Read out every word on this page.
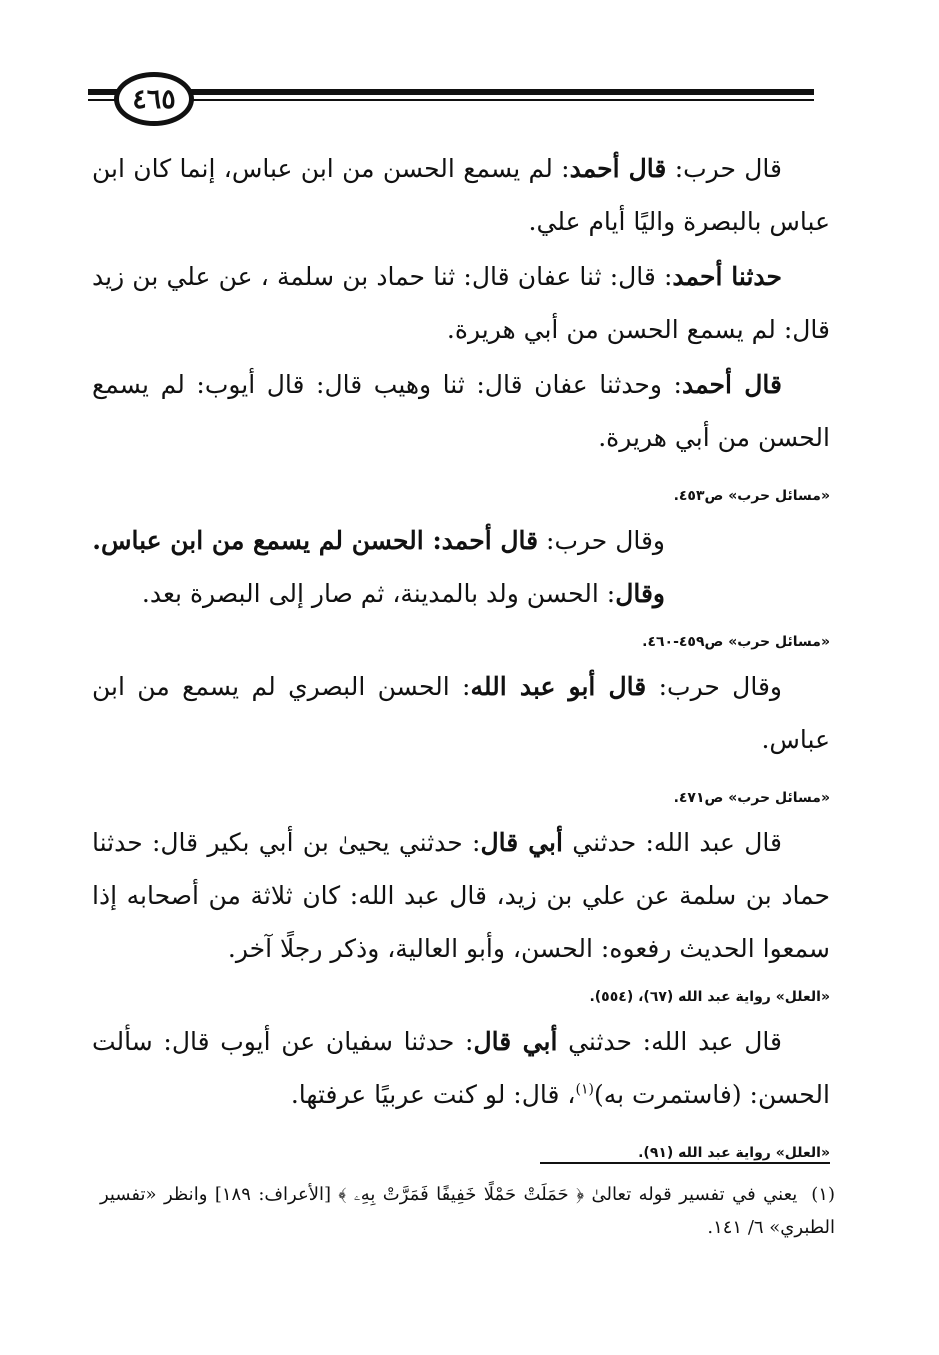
٤٦٥

قال حرب: قال أحمد: لم يسمع الحسن من ابن عباس، إنما كان ابن عباس بالبصرة واليًا أيام علي.

حدثنا أحمد: قال: ثنا عفان قال: ثنا حماد بن سلمة ، عن علي بن زيد قال: لم يسمع الحسن من أبي هريرة.

قال أحمد: وحدثنا عفان قال: ثنا وهيب قال: قال أيوب: لم يسمع الحسن من أبي هريرة.

«مسائل حرب» ص٤٥٣.

وقال حرب: قال أحمد: الحسن لم يسمع من ابن عباس.

وقال: الحسن ولد بالمدينة، ثم صار إلى البصرة بعد.

«مسائل حرب» ص٤٥٩-٤٦٠.

وقال حرب: قال أبو عبد الله: الحسن البصري لم يسمع من ابن عباس.

«مسائل حرب» ص٤٧١.

قال عبد الله: حدثني أبي قال: حدثني يحيىٰ بن أبي بكير قال: حدثنا حماد بن سلمة عن علي بن زيد، قال عبد الله: كان ثلاثة من أصحابه إذا سمعوا الحديث رفعوه: الحسن، وأبو العالية، وذكر رجلًا آخر.

«العلل» رواية عبد الله (٦٧)، (٥٥٤).

قال عبد الله: حدثني أبي قال: حدثنا سفيان عن أيوب قال: سألت الحسن: (فاستمرت به)$^{(١)}$، قال: لو كنت عربيًا عرفتها.

«العلل» رواية عبد الله (٩١).
(١)يعني في تفسير قوله تعالىٰ ﴿ حَمَلَتْ حَمْلًا خَفِيفًا فَمَرَّتْ بِهِۦ ﴾ [الأعراف: ١٨٩] وانظر «تفسير الطبري» ٦/ ١٤١.
